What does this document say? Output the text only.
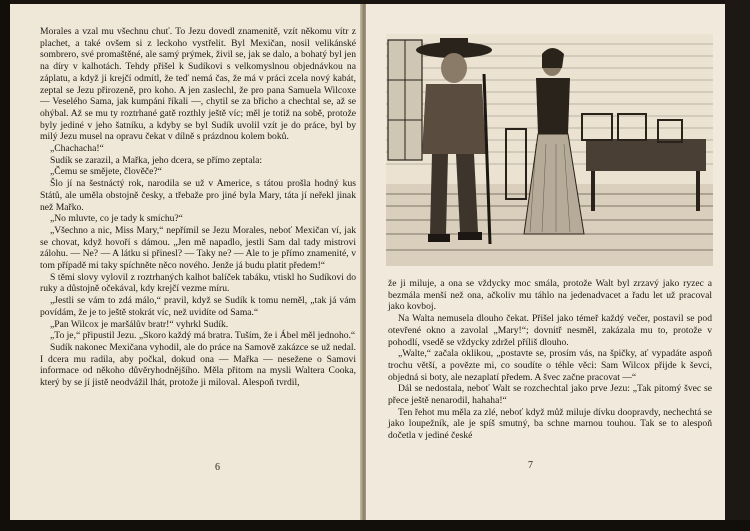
Morales a vzal mu všechnu chuť. To Jezu dovedl znamenitě, vzít někomu vítr z plachet, a také ovšem si z leckoho vystřelit. Byl Mexičan, nosil velikánské sombrero, své promaštěné, ale samý prýmek, živil se, jak se dalo, a bohatý byl jen na díry v kalhotách. Tehdy přišel k Sudíkovi s velkomyslnou objednávkou na záplatu, a když ji krejčí odmítl, že teď nemá čas, že má v práci zcela nový kabát, zeptal se Jezu přirozeně, pro koho. A jen zaslechl, že pro pana Samuela Wilcoxe — Veselého Sama, jak kumpáni říkali —, chytil se za břicho a chechtal se, až se ohýbal. Až se mu ty roztrhané gatě rozthly ještě víc; měl je totiž na sobě, protože byly jediné v jeho šatníku, a kdyby se byl Sudík uvolil vzít je do práce, byl by milý Jezu musel na opravu čekat v dílně s prázdnou kolem boků.

„Chachacha!“

Sudík se zarazil, a Mařka, jeho dcera, se přímo zeptala:

„Čemu se smějete, člověče?“

Šlo jí na šestnáctý rok, narodila se už v Americe, s tátou prošla hodný kus Států, ale uměla obstojně česky, a třebaže pro jiné byla Mary, táta jí neřekl jinak než Mařko.

„No mluvte, co je tady k smíchu?“

„Všechno a nic, Miss Mary,“ nepřímil se Jezu Morales, neboť Mexičan ví, jak se chovat, když hovoří s dámou. „Jen mě napadlo, jestli Sam dal tady mistrovi zálohu. — Ne? — A látku si přinesl? — Taky ne? — Ale to je přímo znamenité, v tom případě mi taky spíchněte něco nového. Jenže já budu platit předem!“

S těmi slovy vylovil z roztrhaných kalhot balíček tabáku, vtiskl ho Sudíkovi do ruky a důstojně očekával, kdy krejčí vezme míru.

„Jestli se vám to zdá málo,“ pravil, když se Sudík k tomu neměl, „tak já vám povídám, že je to ještě stokrát víc, než uvidíte od Sama.“

„Pan Wilcox je maršálův bratr!“ vyhrkl Sudík.

„To je,“ připustil Jezu. „Skoro každý má bratra. Tuším, že i Ábel měl jednoho.“

Sudík nakonec Mexičana vyhodil, ale do práce na Samově zakázce se už nedal. I dcera mu radila, aby počkal, dokud ona — Mařka — nesežene o Samovi informace od někoho důvěryhodnějšího. Měla přitom na mysli Waltera Cooka, který by se jí jistě neodvážil lhát, protože ji miloval. Alespoň tvrdil,

6

že ji miluje, a ona se vždycky moc smála, protože Walt byl zrzavý jako ryzec a bezmála menší než ona, ačkoliv mu táhlo na jedenadvacet a řadu let už pracoval jako kovboj.

Na Walta nemusela dlouho čekat. Přišel jako témeř každý večer, postavil se pod otevřené okno a zavolal „Mary!“; dovnitř nesměl, zakázala mu to, protože v pohodlí, vsedě se vždycky zdržel příliš dlouho.

„Walte,“ začala oklikou, „postavte se, prosím vás, na špičky, ať vypadáte aspoň trochu větší, a povězte mi, co soudíte o téhle věci: Sam Wilcox přijde k ševci, objedná si boty, ale nezaplatí předem. A švec začne pracovat —“

Dál se nedostala, neboť Walt se rozchechtal jako prve Jezu: „Tak pitomý švec se přece ještě nenarodil, hahaha!“

Ten řehot mu měla za zlé, neboť když můž miluje dívku doopravdy, nechechtá se jako loupežník, ale je spíš smutný, ba schne marnou touhou. Tak se to alespoň dočetla v jediné české

7
